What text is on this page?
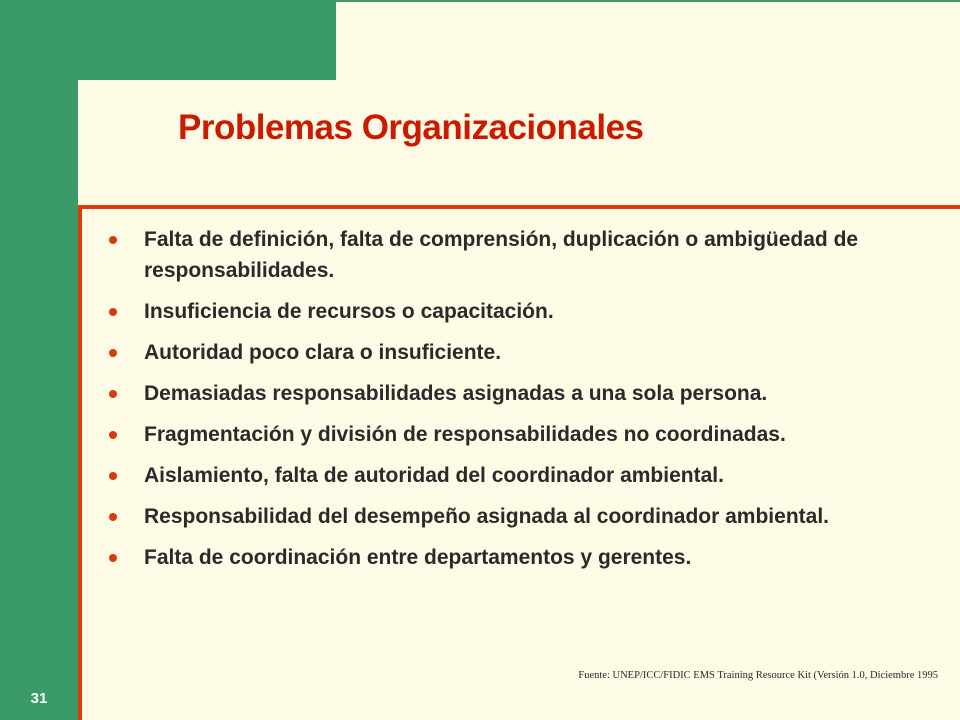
Problemas Organizacionales
Falta de definición, falta de comprensión, duplicación o ambigüedad de responsabilidades.
Insuficiencia de recursos o capacitación.
Autoridad poco clara o insuficiente.
Demasiadas responsabilidades asignadas a una sola persona.
Fragmentación y división de responsabilidades no coordinadas.
Aislamiento, falta de autoridad del coordinador ambiental.
Responsabilidad del desempeño asignada al coordinador ambiental.
Falta de coordinación entre departamentos y gerentes.
Fuente: UNEP/ICC/FIDIC EMS Training Resource Kit (Versión 1.0, Diciembre 1995
31
